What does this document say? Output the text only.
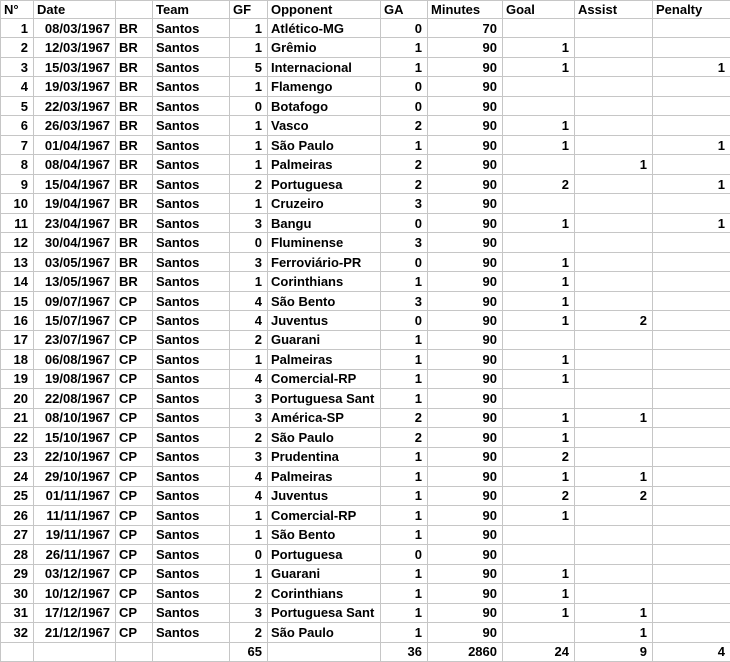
N°	Date		Team	GF	Opponent	GA	Minutes	Goal	Assist	Penalty
1	08/03/1967	BR	Santos	1	Atlético-MG	0	70			
2	12/03/1967	BR	Santos	1	Grêmio	1	90	1		
3	15/03/1967	BR	Santos	5	Internacional	1	90	1		1
4	19/03/1967	BR	Santos	1	Flamengo	0	90			
5	22/03/1967	BR	Santos	0	Botafogo	0	90			
6	26/03/1967	BR	Santos	1	Vasco	2	90	1		
7	01/04/1967	BR	Santos	1	São Paulo	1	90	1		1
8	08/04/1967	BR	Santos	1	Palmeiras	2	90		1	
9	15/04/1967	BR	Santos	2	Portuguesa	2	90	2		1
10	19/04/1967	BR	Santos	1	Cruzeiro	3	90			
11	23/04/1967	BR	Santos	3	Bangu	0	90	1		1
12	30/04/1967	BR	Santos	0	Fluminense	3	90			
13	03/05/1967	BR	Santos	3	Ferroviário-PR	0	90	1		
14	13/05/1967	BR	Santos	1	Corinthians	1	90	1		
15	09/07/1967	CP	Santos	4	São Bento	3	90	1		
16	15/07/1967	CP	Santos	4	Juventus	0	90	1	2	
17	23/07/1967	CP	Santos	2	Guarani	1	90			
18	06/08/1967	CP	Santos	1	Palmeiras	1	90	1		
19	19/08/1967	CP	Santos	4	Comercial-RP	1	90	1		
20	22/08/1967	CP	Santos	3	Portuguesa Sant	1	90			
21	08/10/1967	CP	Santos	3	América-SP	2	90	1	1	
22	15/10/1967	CP	Santos	2	São Paulo	2	90	1		
23	22/10/1967	CP	Santos	3	Prudentina	1	90	2		
24	29/10/1967	CP	Santos	4	Palmeiras	1	90	1	1	
25	01/11/1967	CP	Santos	4	Juventus	1	90	2	2	
26	11/11/1967	CP	Santos	1	Comercial-RP	1	90	1		
27	19/11/1967	CP	Santos	1	São Bento	1	90			
28	26/11/1967	CP	Santos	0	Portuguesa	0	90			
29	03/12/1967	CP	Santos	1	Guarani	1	90	1		
30	10/12/1967	CP	Santos	2	Corinthians	1	90	1		
31	17/12/1967	CP	Santos	3	Portuguesa Sant	1	90	1	1	
32	21/12/1967	CP	Santos	2	São Paulo	1	90		1	
				65		36	2860	24	9	4
